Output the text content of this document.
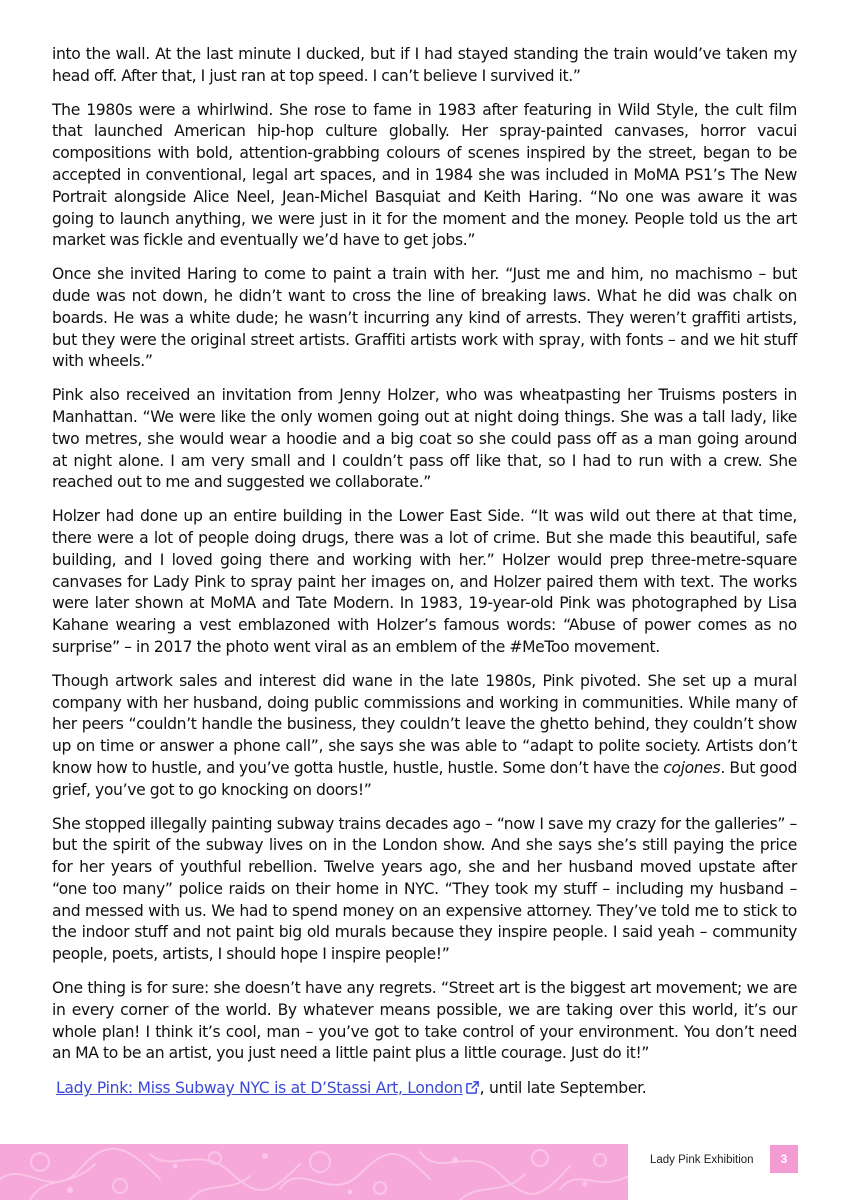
into the wall. At the last minute I ducked, but if I had stayed standing the train would’ve taken my head off. After that, I just ran at top speed. I can’t believe I survived it.”

The 1980s were a whirlwind. She rose to fame in 1983 after featuring in Wild Style, the cult film that launched American hip-hop culture globally. Her spray-painted canvases, horror vacui compositions with bold, attention-grabbing colours of scenes inspired by the street, began to be accepted in conventional, legal art spaces, and in 1984 she was included in MoMA PS1’s The New Portrait alongside Alice Neel, Jean-Michel Basquiat and Keith Haring. “No one was aware it was going to launch anything, we were just in it for the moment and the money. People told us the art market was fickle and eventually we’d have to get jobs.”

Once she invited Haring to come to paint a train with her. “Just me and him, no machismo – but dude was not down, he didn’t want to cross the line of breaking laws. What he did was chalk on boards. He was a white dude; he wasn’t incurring any kind of arrests. They weren’t graffiti artists, but they were the original street artists. Graffiti artists work with spray, with fonts – and we hit stuff with wheels.”

Pink also received an invitation from Jenny Holzer, who was wheatpasting her Truisms posters in Manhattan. “We were like the only women going out at night doing things. She was a tall lady, like two metres, she would wear a hoodie and a big coat so she could pass off as a man going around at night alone. I am very small and I couldn’t pass off like that, so I had to run with a crew. She reached out to me and suggested we collaborate.”

Holzer had done up an entire building in the Lower East Side. “It was wild out there at that time, there were a lot of people doing drugs, there was a lot of crime. But she made this beautiful, safe building, and I loved going there and working with her.” Holzer would prep three-metre-square canvases for Lady Pink to spray paint her images on, and Holzer paired them with text. The works were later shown at MoMA and Tate Modern. In 1983, 19-year-old Pink was photographed by Lisa Kahane wearing a vest emblazoned with Holzer’s famous words: “Abuse of power comes as no surprise” – in 2017 the photo went viral as an emblem of the #MeToo movement.

Though artwork sales and interest did wane in the late 1980s, Pink pivoted. She set up a mural company with her husband, doing public commissions and working in communities. While many of her peers “couldn’t handle the business, they couldn’t leave the ghetto behind, they couldn’t show up on time or answer a phone call”, she says she was able to “adapt to polite society. Artists don’t know how to hustle, and you’ve gotta hustle, hustle, hustle. Some don’t have the cojones. But good grief, you’ve got to go knocking on doors!”

She stopped illegally painting subway trains decades ago – “now I save my crazy for the galleries” – but the spirit of the subway lives on in the London show. And she says she’s still paying the price for her years of youthful rebellion. Twelve years ago, she and her husband moved upstate after “one too many” police raids on their home in NYC. “They took my stuff – including my husband – and messed with us. We had to spend money on an expensive attorney. They’ve told me to stick to the indoor stuff and not paint big old murals because they inspire people. I said yeah – community people, poets, artists, I should hope I inspire people!”

One thing is for sure: she doesn’t have any regrets. “Street art is the biggest art movement; we are in every corner of the world. By whatever means possible, we are taking over this world, it’s our whole plan! I think it’s cool, man – you’ve got to take control of your environment. You don’t need an MA to be an artist, you just need a little paint plus a little courage. Just do it!”

Lady Pink: Miss Subway NYC is at D’Stassi Art, London , until late September.

Lady Pink Exhibition	3
